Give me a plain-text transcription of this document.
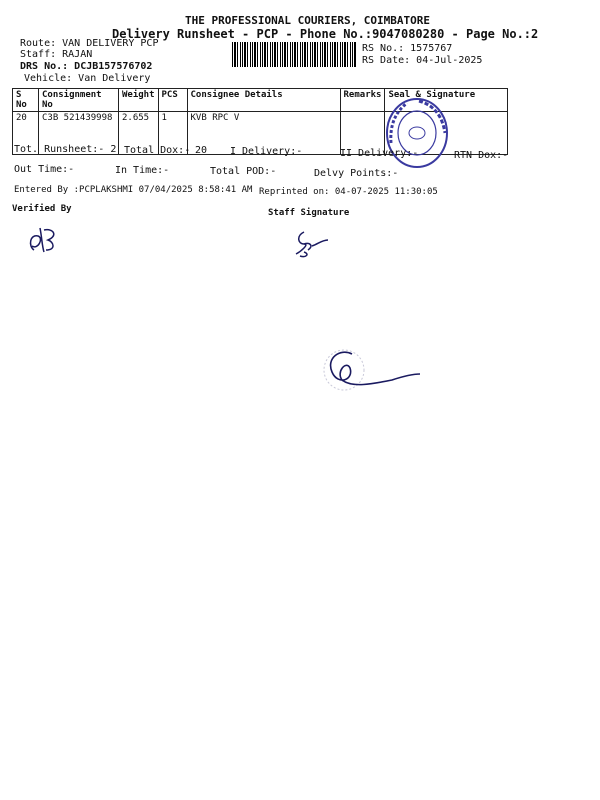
THE PROFESSIONAL COURIERS, COIMBATORE
Delivery Runsheet - PCP - Phone No.:9047080280 - Page No.:2
Route: VAN DELIVERY PCP
Staff: RAJAN
DRS No.: DCJB157576702
Vehicle: Van Delivery
RS No.: 1575767
RS Date: 04-Jul-2025
S No	Consignment No	Weight	PCS	Consignee Details	Remarks	Seal & Signature
20	C3B 521439998	2.655	1	KVB RPC V		
Tot. Runsheet:- 2 Total Dox:- 20 I Delivery:-	II Delivery:-	RTN Dox:-
Out Time:-	In Time:-	Total POD:-	Delvy Points:-
Entered By :PCPLAKSHMI 07/04/2025 8:58:41 AM Reprinted on: 04-07-2025 11:30:05
Verified By	Staff Signature
